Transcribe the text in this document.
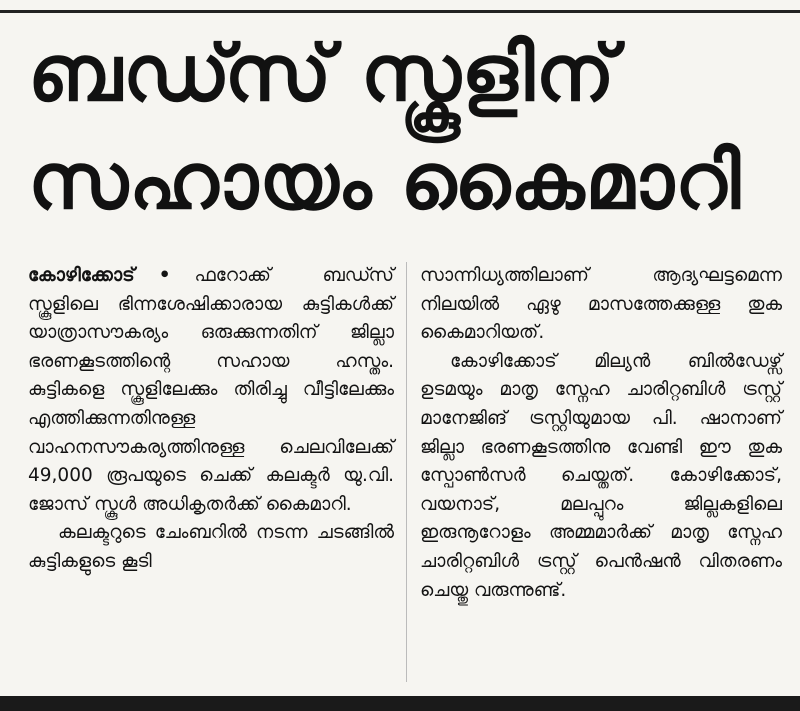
ബഡ്സ് സ്കൂളിന്
സഹായം കൈമാറി

കോഴിക്കോട് • ഫറോക്ക് ബഡ്സ് സ്കൂളിലെ ഭിന്നശേഷിക്കാരായ കുട്ടികൾക്ക് യാത്രാസൗകര്യം ഒരുക്കുന്നതിന് ജില്ലാ ഭരണകൂടത്തിന്റെ സഹായ ഹസ്തം. കുട്ടികളെ സ്കൂളിലേക്കും തിരിച്ചു വീട്ടിലേക്കും എത്തിക്കുന്നതിനുള്ള വാഹനസൗകര്യത്തിനുള്ള ചെലവിലേക്ക് 49,000 രൂപയുടെ ചെക്ക് കലക്ടർ യു.വി. ജോസ് സ്കൂൾ അധികൃതർക്ക് കൈമാറി.

കലക്ടറുടെ ചേംബറിൽ നടന്ന ചടങ്ങിൽ കുട്ടികളുടെ കൂടി

സാന്നിധ്യത്തിലാണ് ആദ്യഘട്ടമെന്ന നിലയിൽ ഏഴു മാസത്തേക്കുള്ള തുക കൈമാറിയത്.

കോഴിക്കോട് മില്യൻ ബിൽഡേഴ്സ് ഉടമയും മാതൃ സ്നേഹ ചാരിറ്റബിൾ ട്രസ്റ്റ് മാനേജിങ് ട്രസ്റ്റിയുമായ പി. ഷാനാണ് ജില്ലാ ഭരണകൂടത്തിനു വേണ്ടി ഈ തുക സ്പോൺസർ ചെയ്തത്. കോഴിക്കോട്, വയനാട്, മലപ്പുറം ജില്ലകളിലെ ഇരുനൂറോളം അമ്മമാർക്ക് മാതൃ സ്നേഹ ചാരിറ്റബിൾ ട്രസ്റ്റ് പെൻഷൻ വിതരണം ചെയ്തു വരുന്നുണ്ട്.
